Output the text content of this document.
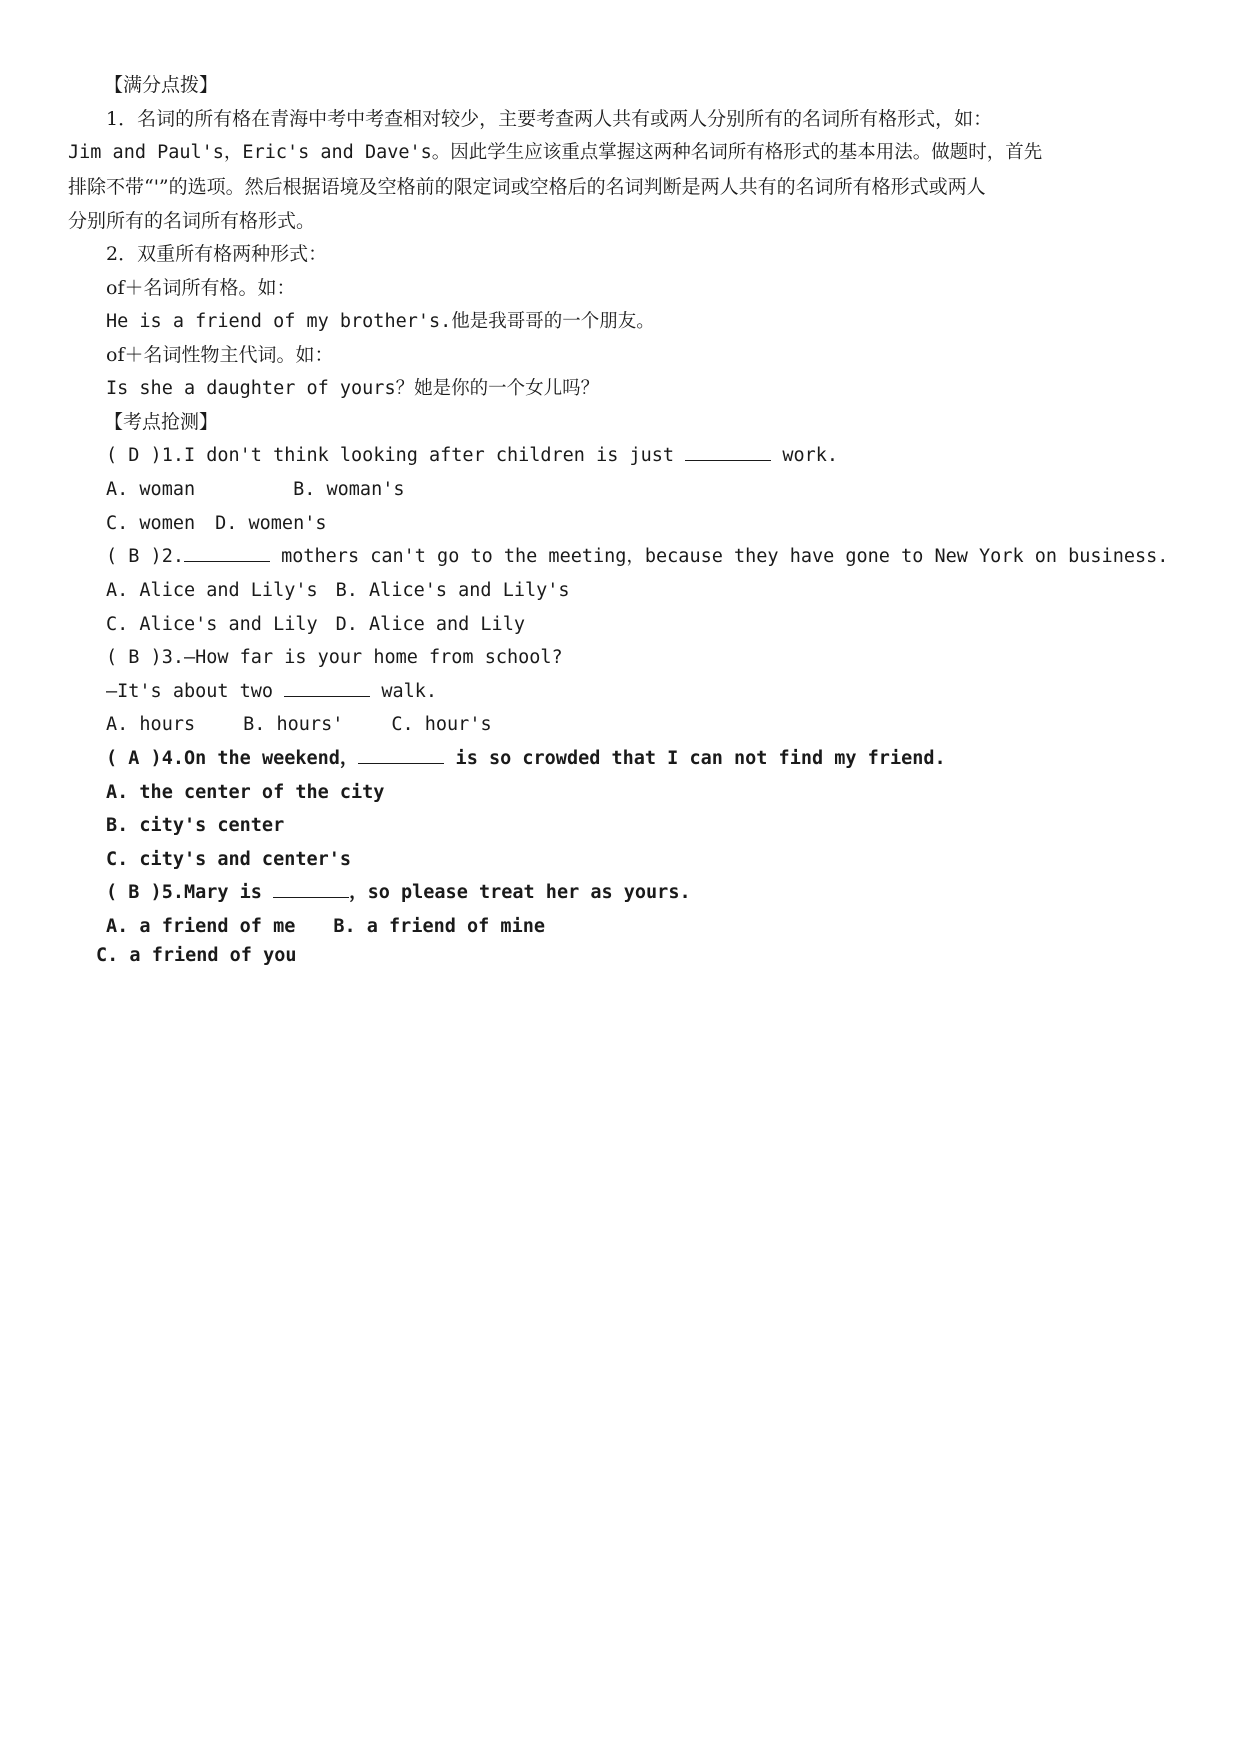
【满分点拨】
1．名词的所有格在青海中考中考查相对较少，主要考查两人共有或两人分别所有的名词所有格形式，如：
Jim and Paul's，Eric's and Dave's。因此学生应该重点掌握这两种名词所有格形式的基本用法。做题时，首先
排除不带“'”的选项。然后根据语境及空格前的限定词或空格后的名词判断是两人共有的名词所有格形式或两人
分别所有的名词所有格形式。
2．双重所有格两种形式：
of＋名词所有格。如：
He is a friend of my brother's.他是我哥哥的一个朋友。
of＋名词性物主代词。如：
Is she a daughter of yours？她是你的一个女儿吗？
【考点抢测】
( D )1.I don't think looking after children is just	work.
A. woman	B. woman's
C. women D. women's
( B )2.	mothers can't go to the meeting，because they have gone to New York on business.
A. Alice and Lily's B. Alice's and Lily's
C. Alice's and Lily D. Alice and Lily
( B )3.—How far is your home from school?
—It's about two	walk.
A. hours	B. hours'	C. hour's
( A )4.On the weekend，	is so crowded that I can not find my friend.
A. the center of the city
B. city's center
C. city's and center's
( B )5.Mary is	，so please treat her as yours.
A. a friend of me B. a friend of mine
C. a friend of you
